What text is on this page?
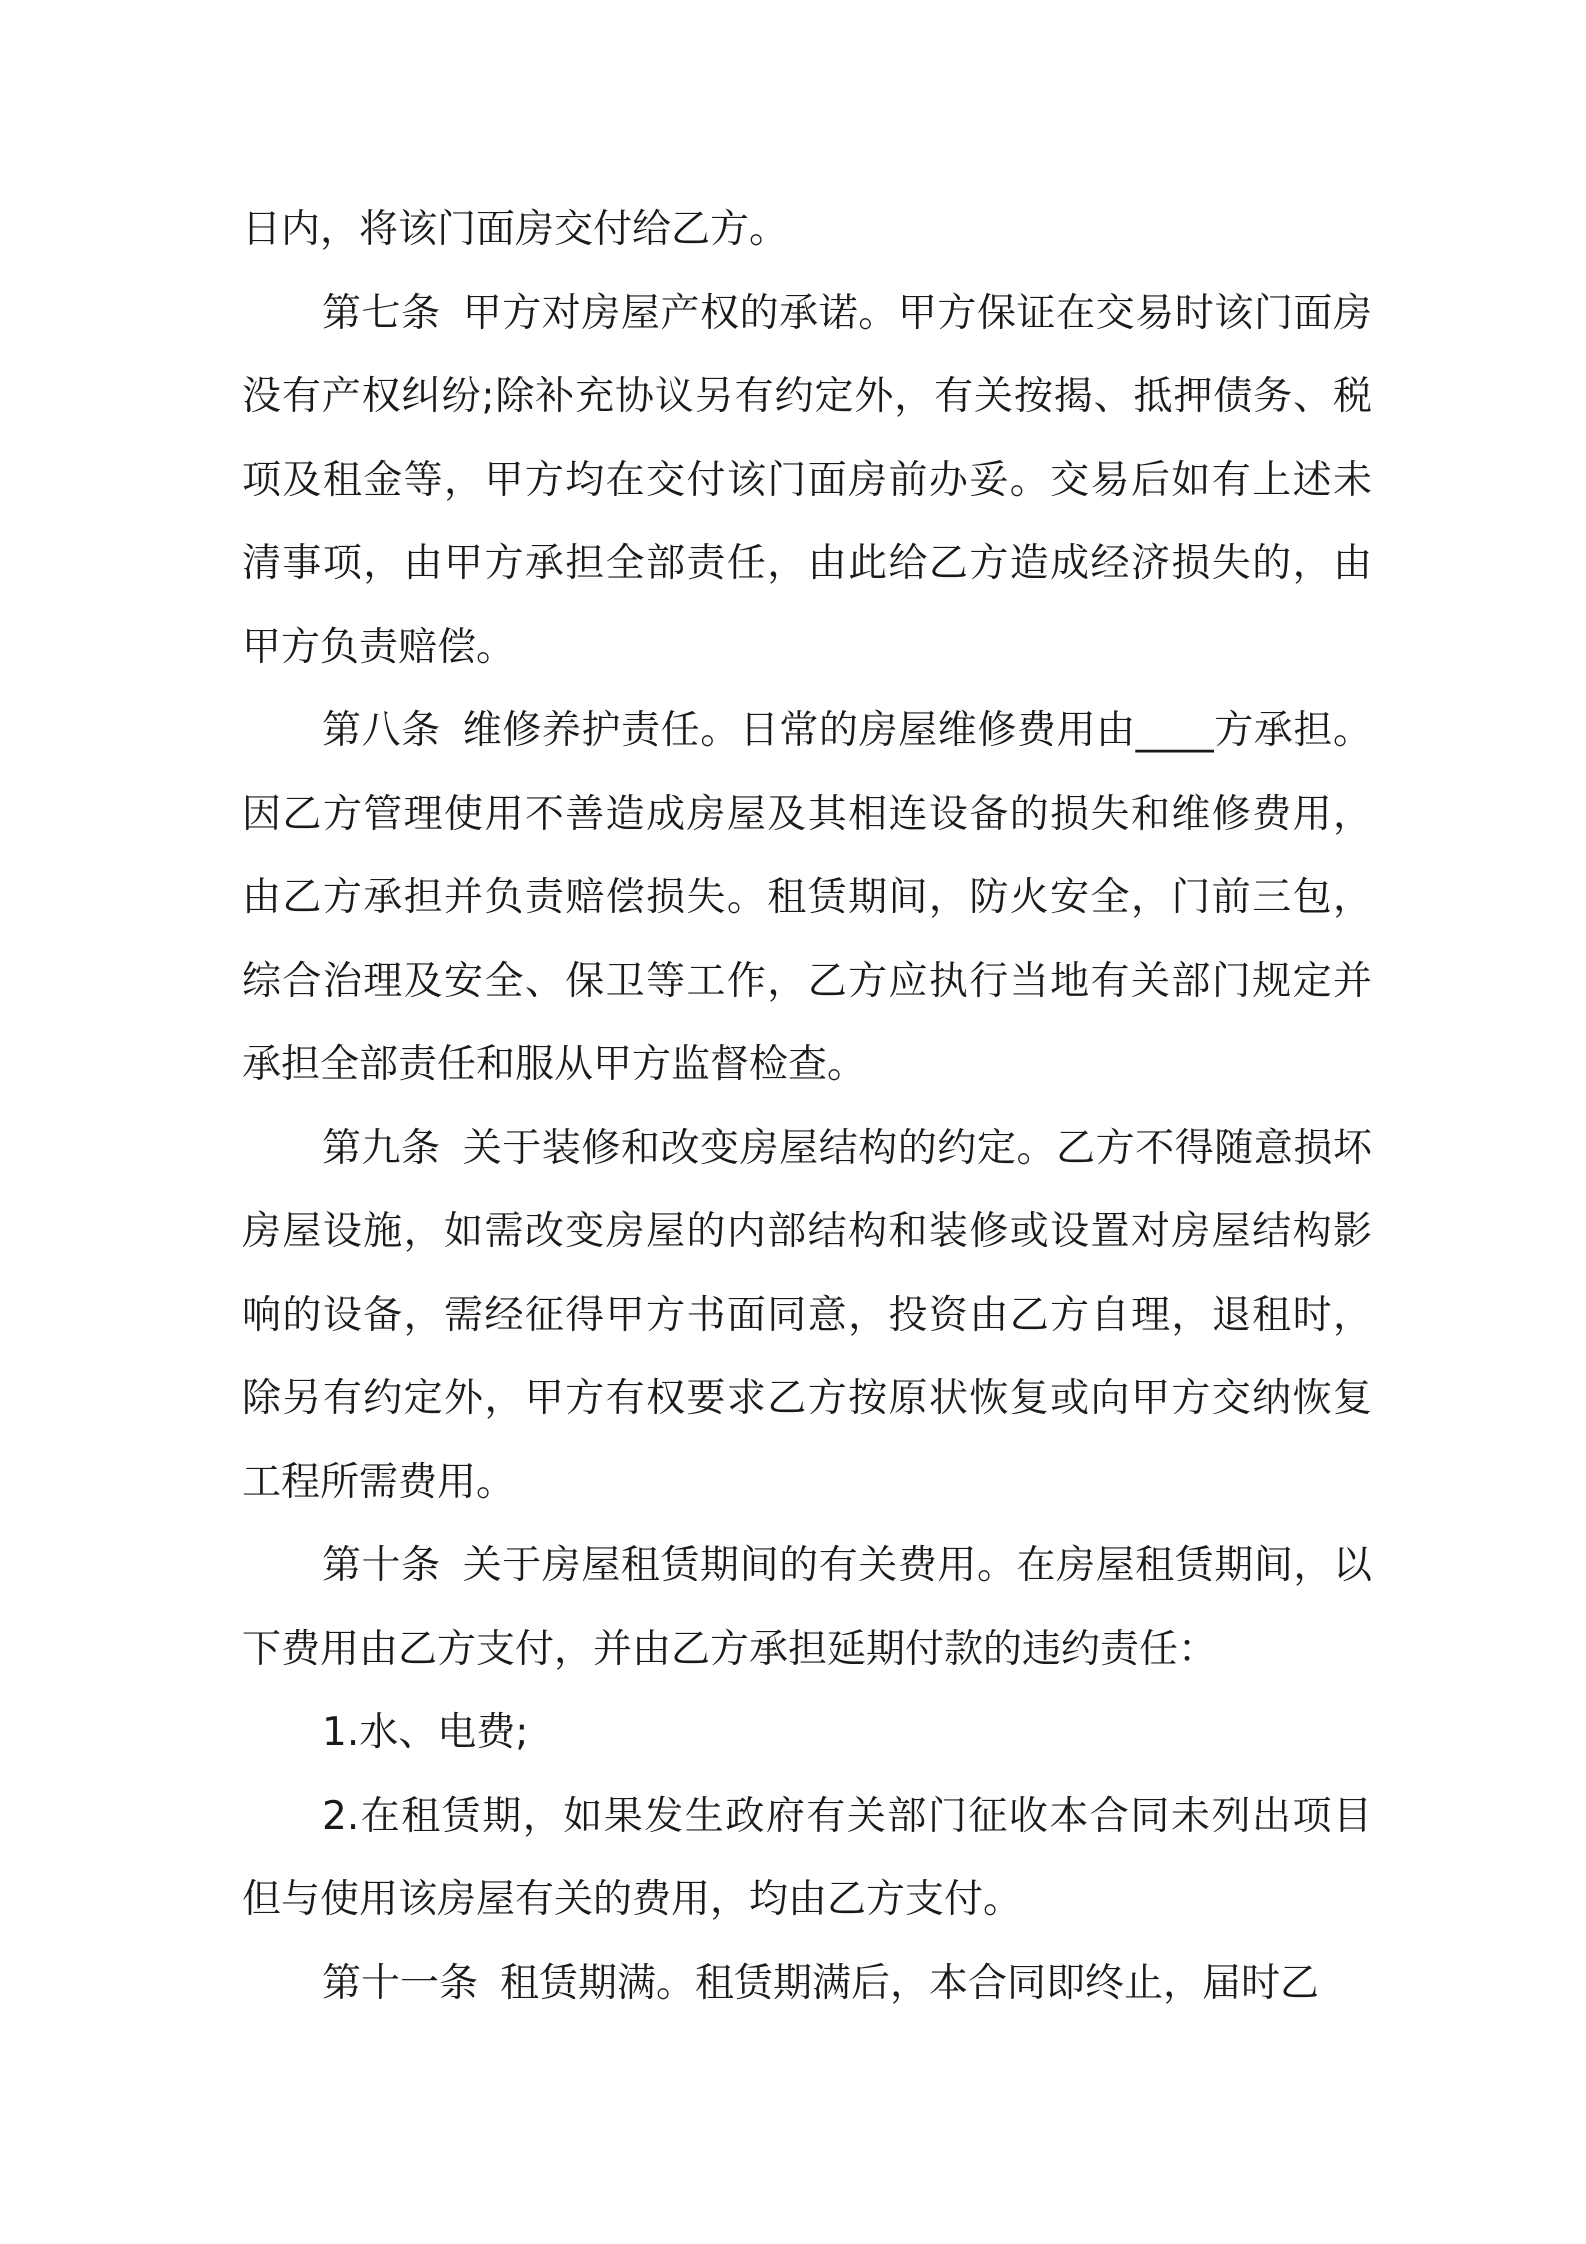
日内，将该门面房交付给乙方。

第七条 甲方对房屋产权的承诺。甲方保证在交易时该门面房没有产权纠纷;除补充协议另有约定外，有关按揭、抵押债务、税项及租金等，甲方均在交付该门面房前办妥。交易后如有上述未清事项，由甲方承担全部责任，由此给乙方造成经济损失的，由甲方负责赔偿。

第八条 维修养护责任。日常的房屋维修费用由____方承担。因乙方管理使用不善造成房屋及其相连设备的损失和维修费用，由乙方承担并负责赔偿损失。租赁期间，防火安全，门前三包，综合治理及安全、保卫等工作，乙方应执行当地有关部门规定并承担全部责任和服从甲方监督检查。

第九条 关于装修和改变房屋结构的约定。乙方不得随意损坏房屋设施，如需改变房屋的内部结构和装修或设置对房屋结构影响的设备，需经征得甲方书面同意，投资由乙方自理，退租时，除另有约定外，甲方有权要求乙方按原状恢复或向甲方交纳恢复工程所需费用。

第十条 关于房屋租赁期间的有关费用。在房屋租赁期间，以下费用由乙方支付，并由乙方承担延期付款的违约责任：

1.水、电费;

2.在租赁期，如果发生政府有关部门征收本合同未列出项目但与使用该房屋有关的费用，均由乙方支付。

第十一条 租赁期满。租赁期满后，本合同即终止，届时乙
